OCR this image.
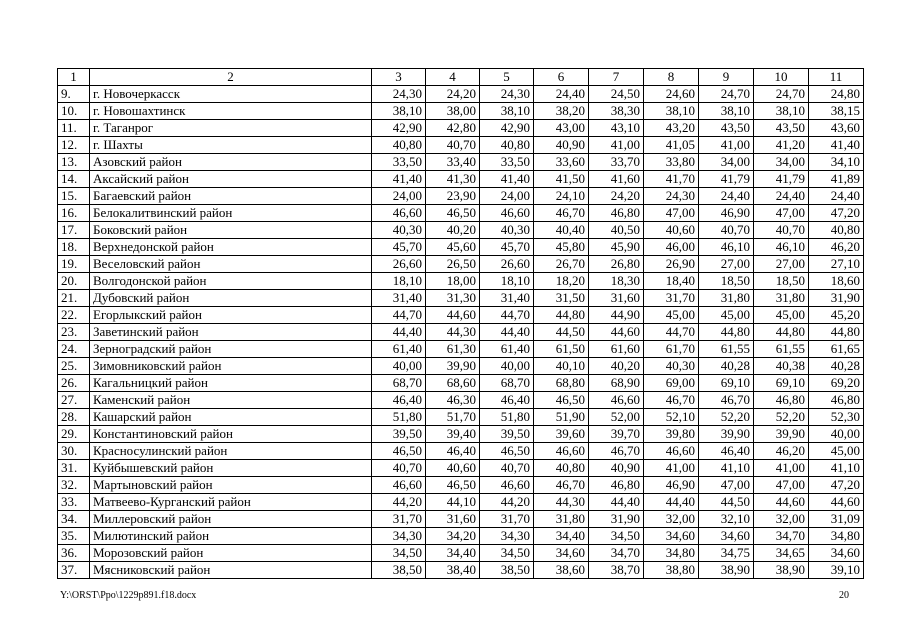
1	2	3	4	5	6	7	8	9	10	11
9.	г. Новочеркасск	24,30	24,20	24,30	24,40	24,50	24,60	24,70	24,70	24,80
10.	г. Новошахтинск	38,10	38,00	38,10	38,20	38,30	38,10	38,10	38,10	38,15
11.	г. Таганрог	42,90	42,80	42,90	43,00	43,10	43,20	43,50	43,50	43,60
12.	г. Шахты	40,80	40,70	40,80	40,90	41,00	41,05	41,00	41,20	41,40
13.	Азовский район	33,50	33,40	33,50	33,60	33,70	33,80	34,00	34,00	34,10
14.	Аксайский район	41,40	41,30	41,40	41,50	41,60	41,70	41,79	41,79	41,89
15.	Багаевский район	24,00	23,90	24,00	24,10	24,20	24,30	24,40	24,40	24,40
16.	Белокалитвинский район	46,60	46,50	46,60	46,70	46,80	47,00	46,90	47,00	47,20
17.	Боковский район	40,30	40,20	40,30	40,40	40,50	40,60	40,70	40,70	40,80
18.	Верхнедонской район	45,70	45,60	45,70	45,80	45,90	46,00	46,10	46,10	46,20
19.	Веселовский район	26,60	26,50	26,60	26,70	26,80	26,90	27,00	27,00	27,10
20.	Волгодонской район	18,10	18,00	18,10	18,20	18,30	18,40	18,50	18,50	18,60
21.	Дубовский район	31,40	31,30	31,40	31,50	31,60	31,70	31,80	31,80	31,90
22.	Егорлыкский район	44,70	44,60	44,70	44,80	44,90	45,00	45,00	45,00	45,20
23.	Заветинский район	44,40	44,30	44,40	44,50	44,60	44,70	44,80	44,80	44,80
24.	Зерноградский район	61,40	61,30	61,40	61,50	61,60	61,70	61,55	61,55	61,65
25.	Зимовниковский район	40,00	39,90	40,00	40,10	40,20	40,30	40,28	40,38	40,28
26.	Кагальницкий район	68,70	68,60	68,70	68,80	68,90	69,00	69,10	69,10	69,20
27.	Каменский район	46,40	46,30	46,40	46,50	46,60	46,70	46,70	46,80	46,80
28.	Кашарский район	51,80	51,70	51,80	51,90	52,00	52,10	52,20	52,20	52,30
29.	Константиновский район	39,50	39,40	39,50	39,60	39,70	39,80	39,90	39,90	40,00
30.	Красносулинский район	46,50	46,40	46,50	46,60	46,70	46,60	46,40	46,20	45,00
31.	Куйбышевский район	40,70	40,60	40,70	40,80	40,90	41,00	41,10	41,00	41,10
32.	Мартыновский район	46,60	46,50	46,60	46,70	46,80	46,90	47,00	47,00	47,20
33.	Матвеево-Курганский район	44,20	44,10	44,20	44,30	44,40	44,40	44,50	44,60	44,60
34.	Миллеровский район	31,70	31,60	31,70	31,80	31,90	32,00	32,10	32,00	31,09
35.	Милютинский район	34,30	34,20	34,30	34,40	34,50	34,60	34,60	34,70	34,80
36.	Морозовский район	34,50	34,40	34,50	34,60	34,70	34,80	34,75	34,65	34,60
37.	Мясниковский район	38,50	38,40	38,50	38,60	38,70	38,80	38,90	38,90	39,10
Y:\ORST\Ppo\1229p891.f18.docx	20
